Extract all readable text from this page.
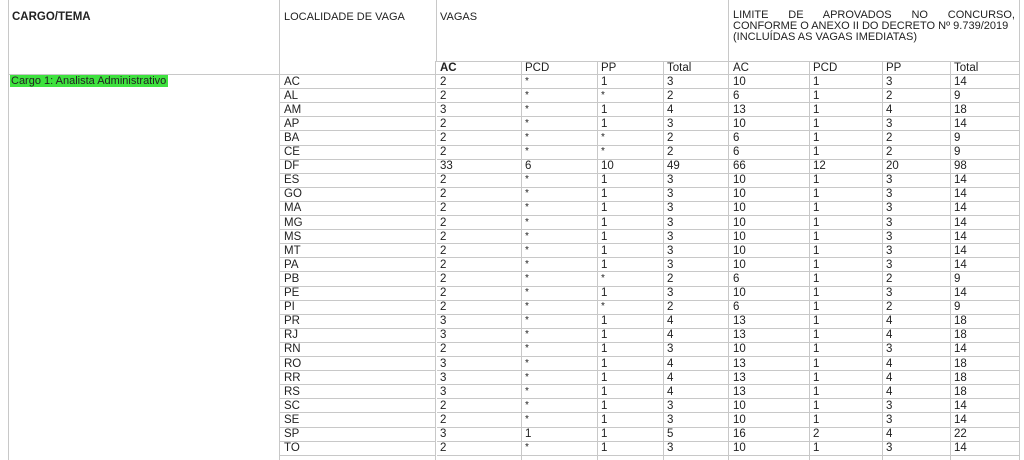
CARGO/TEMA	LOCALIDADE DE VAGA	VAGAS	LIMITE DE APROVADOS NO CONCURSO, CONFORME O ANEXO II DO DECRETO Nº 9.739/2019
(INCLUÍDAS AS VAGAS IMEDIATAS)
AC	PCD	PP	Total	AC	PCD	PP	Total
Cargo 1: Analista Administrativo	AC	2	*	1	3	10	1	3	14
AL	2	*	*	2	6	1	2	9
AM	3	*	1	4	13	1	4	18
AP	2	*	1	3	10	1	3	14
BA	2	*	*	2	6	1	2	9
CE	2	*	*	2	6	1	2	9
DF	33	6	10	49	66	12	20	98
ES	2	*	1	3	10	1	3	14
GO	2	*	1	3	10	1	3	14
MA	2	*	1	3	10	1	3	14
MG	2	*	1	3	10	1	3	14
MS	2	*	1	3	10	1	3	14
MT	2	*	1	3	10	1	3	14
PA	2	*	1	3	10	1	3	14
PB	2	*	*	2	6	1	2	9
PE	2	*	1	3	10	1	3	14
PI	2	*	*	2	6	1	2	9
PR	3	*	1	4	13	1	4	18
RJ	3	*	1	4	13	1	4	18
RN	2	*	1	3	10	1	3	14
RO	3	*	1	4	13	1	4	18
RR	3	*	1	4	13	1	4	18
RS	3	*	1	4	13	1	4	18
SC	2	*	1	3	10	1	3	14
SE	2	*	1	3	10	1	3	14
SP	3	1	1	5	16	2	4	22
TO	2	*	1	3	10	1	3	14
